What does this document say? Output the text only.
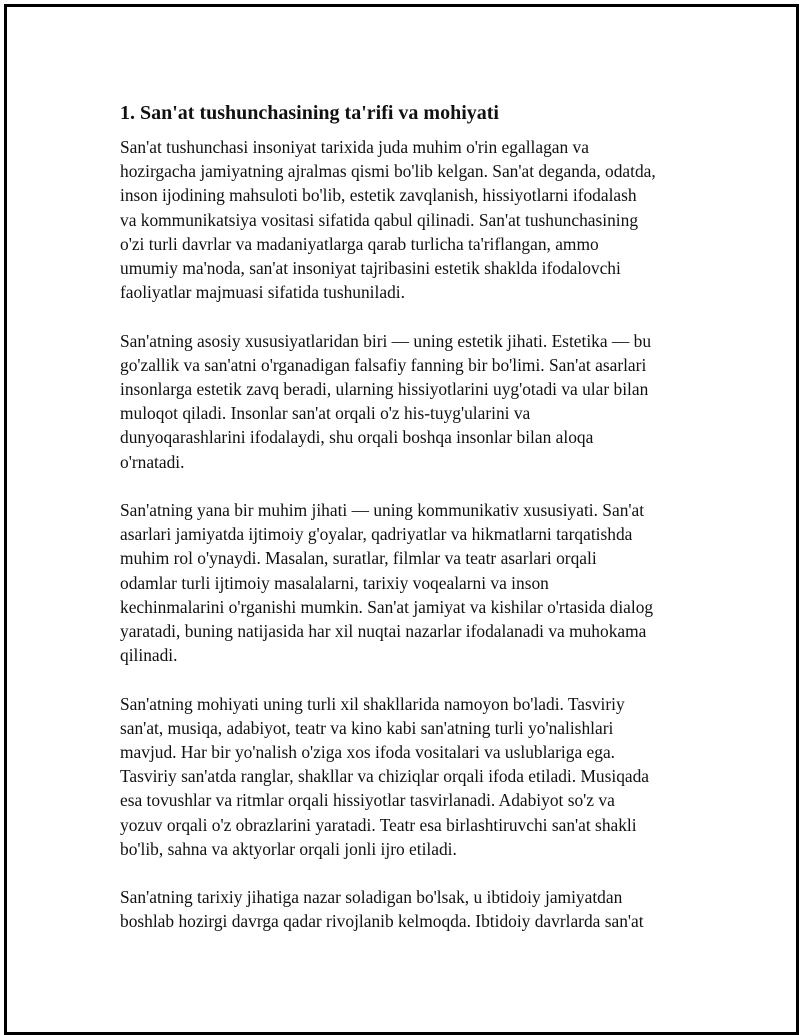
1. San'at tushunchasining ta'rifi va mohiyati

San'at tushunchasi insoniyat tarixida juda muhim o'rin egallagan va
hozirgacha jamiyatning ajralmas qismi bo'lib kelgan. San'at deganda, odatda,
inson ijodining mahsuloti bo'lib, estetik zavqlanish, hissiyotlarni ifodalash
va kommunikatsiya vositasi sifatida qabul qilinadi. San'at tushunchasining
o'zi turli davrlar va madaniyatlarga qarab turlicha ta'riflangan, ammo
umumiy ma'noda, san'at insoniyat tajribasini estetik shaklda ifodalovchi
faoliyatlar majmuasi sifatida tushuniladi.

San'atning asosiy xususiyatlaridan biri — uning estetik jihati. Estetika — bu
go'zallik va san'atni o'rganadigan falsafiy fanning bir bo'limi. San'at asarlari
insonlarga estetik zavq beradi, ularning hissiyotlarini uyg'otadi va ular bilan
muloqot qiladi. Insonlar san'at orqali o'z his-tuyg'ularini va
dunyoqarashlarini ifodalaydi, shu orqali boshqa insonlar bilan aloqa
o'rnatadi.

San'atning yana bir muhim jihati — uning kommunikativ xususiyati. San'at
asarlari jamiyatda ijtimoiy g'oyalar, qadriyatlar va hikmatlarni tarqatishda
muhim rol o'ynaydi. Masalan, suratlar, filmlar va teatr asarlari orqali
odamlar turli ijtimoiy masalalarni, tarixiy voqealarni va inson
kechinmalarini o'rganishi mumkin. San'at jamiyat va kishilar o'rtasida dialog
yaratadi, buning natijasida har xil nuqtai nazarlar ifodalanadi va muhokama
qilinadi.

San'atning mohiyati uning turli xil shakllarida namoyon bo'ladi. Tasviriy
san'at, musiqa, adabiyot, teatr va kino kabi san'atning turli yo'nalishlari
mavjud. Har bir yo'nalish o'ziga xos ifoda vositalari va uslublariga ega.
Tasviriy san'atda ranglar, shakllar va chiziqlar orqali ifoda etiladi. Musiqada
esa tovushlar va ritmlar orqali hissiyotlar tasvirlanadi. Adabiyot so'z va
yozuv orqali o'z obrazlarini yaratadi. Teatr esa birlashtiruvchi san'at shakli
bo'lib, sahna va aktyorlar orqali jonli ijro etiladi.

San'atning tarixiy jihatiga nazar soladigan bo'lsak, u ibtidoiy jamiyatdan
boshlab hozirgi davrga qadar rivojlanib kelmoqda. Ibtidoiy davrlarda san'at
